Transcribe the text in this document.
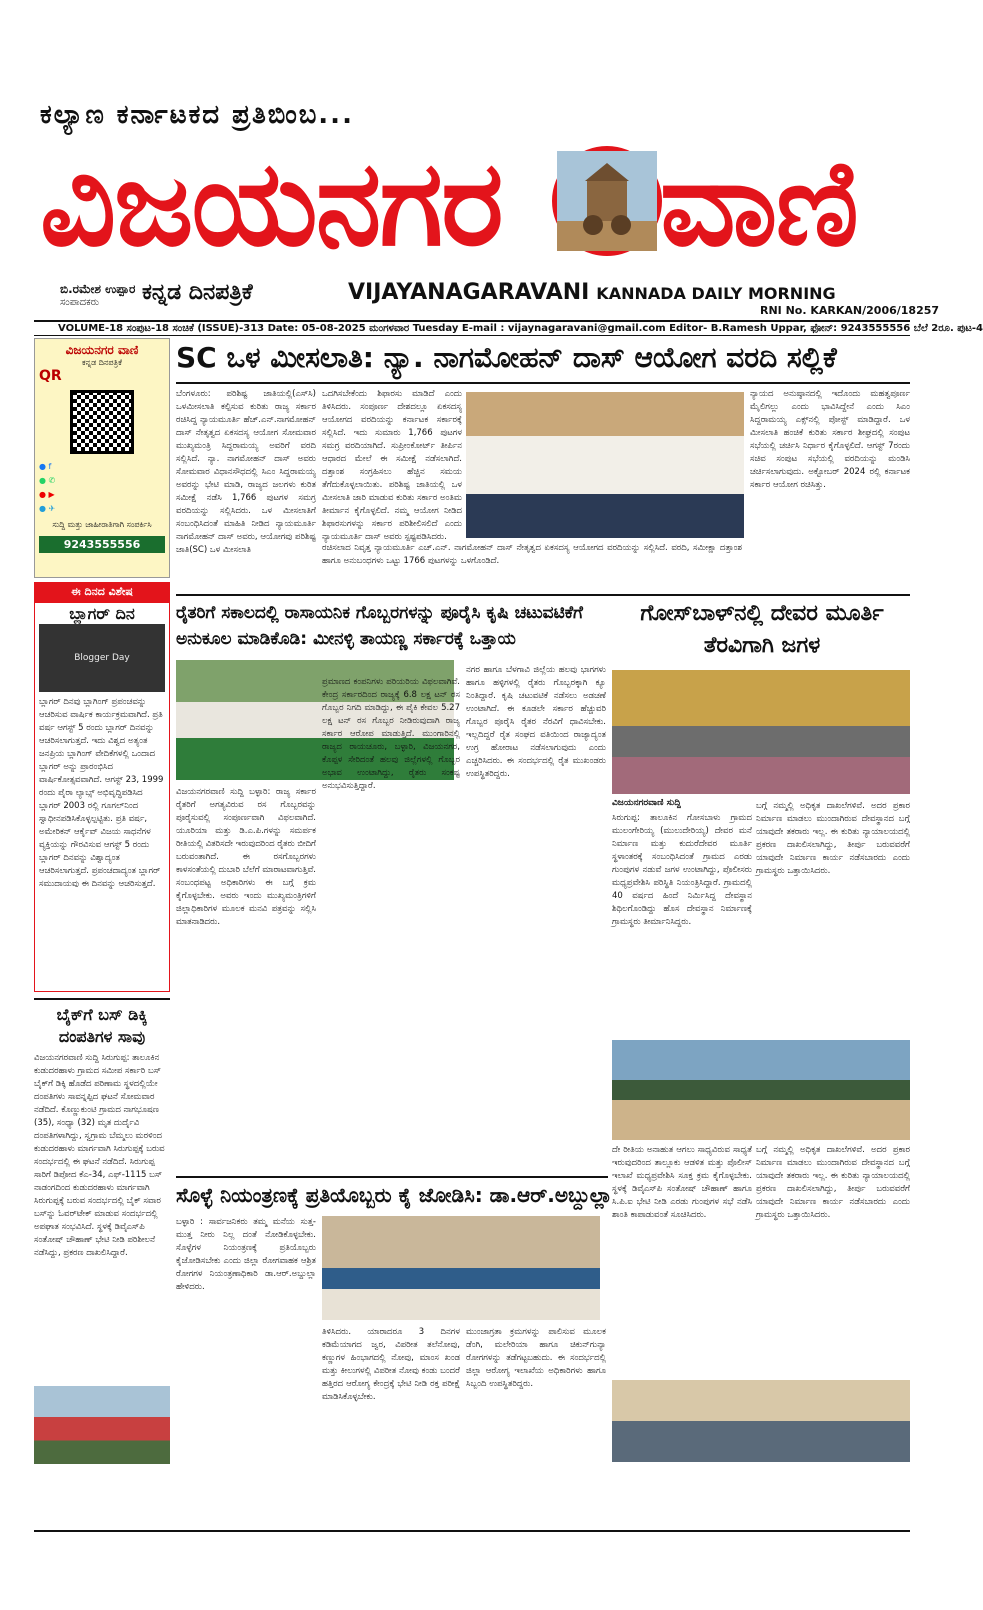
ಕಲ್ಯಾಣ ಕರ್ನಾಟಕದ ಪ್ರತಿಬಿಂಬ...
ವಿಜಯನಗರ ವಾಣಿ
ಬಿ.ರಮೇಶ ಉಪ್ಪಾರ
ಸಂಪಾದಕರು	ಕನ್ನಡ ದಿನಪತ್ರಿಕೆ	VIJAYANAGARAVANI KANNADA DAILY MORNING
RNI No. KARKAN/2006/18257
VOLUME-18 ಸಂಪುಟ-18 ಸಂಚಿಕೆ (ISSUE)-313 Date: 05-08-2025 ಮಂಗಳವಾರ Tuesday E-mail : vijaynagaravani@gmail.com Editor- B.Ramesh Uppar, ಫೋನ್: 9243555556 ಬೆಲೆ 2ರೂ. ಪುಟ-4
ವಿಜಯನಗರ ವಾಣಿ
ಕನ್ನಡ ದಿನಪತ್ರಿಕೆ
QR
● f
● ✆
● ▶
● ✈
ಸುದ್ದಿ ಮತ್ತು ಜಾಹೀರಾತಿಗಾಗಿ ಸಂಪರ್ಕಿಸಿ
9243555556
ಈ ದಿನದ ವಿಶೇಷ
ಬ್ಲಾಗರ್ ದಿನ
Blogger Day
ಬ್ಲಾಗರ್ ದಿನವು ಬ್ಲಾಗಿಂಗ್ ಪ್ರಪಂಚವನ್ನು ಆಚರಿಸುವ ವಾರ್ಷಿಕ ಕಾರ್ಯಕ್ರಮವಾಗಿದೆ. ಪ್ರತಿ ವರ್ಷ ಆಗಸ್ಟ್ 5 ರಂದು ಬ್ಲಾಗರ್ ದಿನವನ್ನು ಆಚರಿಸಲಾಗುತ್ತದೆ. ಇದು ವಿಶ್ವದ ಅತ್ಯಂತ ಜನಪ್ರಿಯ ಬ್ಲಾಗಿಂಗ್ ವೇದಿಕೆಗಳಲ್ಲಿ ಒಂದಾದ ಬ್ಲಾಗರ್ ಅನ್ನು ಪ್ರಾರಂಭಿಸಿದ ವಾರ್ಷಿಕೋತ್ಸವವಾಗಿದೆ. ಆಗಸ್ಟ್ 23, 1999 ರಂದು ಪೈರಾ ಲ್ಯಾಬ್ಸ್ ಅಭಿವೃದ್ಧಿಪಡಿಸಿದ ಬ್ಲಾಗರ್ 2003 ರಲ್ಲಿ ಗೂಗಲ್‌ನಿಂದ ಸ್ವಾಧೀನಪಡಿಸಿಕೊಳ್ಳಲ್ಪಟ್ಟಿತು. ಪ್ರತಿ ವರ್ಷ, ಅಮೇರಿಕನ್ ಆರ್ಕೈವ್ ವಿಜಯ ಸಾಧನೆಗಳ ವ್ಯಕ್ತಿಯನ್ನು ಗೌರವಿಸುವ ಆಗಸ್ಟ್ 5 ರಂದು ಬ್ಲಾಗರ್ ದಿನವನ್ನು ವಿಶ್ವಾದ್ಯಂತ ಆಚರಿಸಲಾಗುತ್ತದೆ. ಪ್ರಪಂಚದಾದ್ಯಂತ ಬ್ಲಾಗರ್ ಸಮುದಾಯವು ಈ ದಿನವನ್ನು ಆಚರಿಸುತ್ತದೆ.
ಬೈಕ್‌ಗೆ ಬಸ್ ಡಿಕ್ಕಿ ದಂಪತಿಗಳ ಸಾವು
ವಿಜಯನಗರವಾಣಿ ಸುದ್ದಿ ಸಿರುಗುಪ್ಪ: ತಾಲೂಕಿನ ಕುಡುದರಹಾಳು ಗ್ರಾಮದ ಸಮೀಪ ಸರ್ಕಾರಿ ಬಸ್ ಬೈಕ್‌ಗೆ ಡಿಕ್ಕಿ ಹೊಡೆದ ಪರಿಣಾಮ ಸ್ಥಳದಲ್ಲಿಯೇ ದಂಪತಿಗಳು ಸಾವನ್ನಪ್ಪಿದ ಘಟನೆ ಸೋಮವಾರ ನಡೆದಿದೆ. ಕೊಣ್ಣುಕುಂಟಿ ಗ್ರಾಮದ ನಾಗಭೂಷಣ (35), ಸಂಧ್ಯಾ (32) ಮೃತ ದುರ್ದೈವಿ ದಂಪತಿಗಳಾಗಿದ್ದು, ಸ್ವಗ್ರಾಮ ಬೆಮ್ಮಲು ಮರಳಿಂದ ಕುಡುದರಹಾಳು ಮಾರ್ಗವಾಗಿ ಸಿರುಗುಪ್ಪಕ್ಕೆ ಬರುವ ಸಂದರ್ಭದಲ್ಲಿ ಈ ಘಟನೆ ನಡೆದಿದೆ. ಸಿರುಗುಪ್ಪ ಸಾರಿಗೆ ಡಿಪೋದ ಕೆಎ-34, ಎಫ್-1115 ಬಸ್ ನಾಡಂಗದಿಂದ ಕುಡುದರಹಾಳು ಮಾರ್ಗವಾಗಿ ಸಿರುಗುಪ್ಪಕ್ಕೆ ಬರುವ ಸಂದರ್ಭದಲ್ಲಿ ಬೈಕ್ ಸವಾರ ಬಸ್‌ನ್ನು ಓವರ್‌ಟೇಕ್ ಮಾಡುವ ಸಂದರ್ಭದಲ್ಲಿ ಅಪಘಾತ ಸಂಭವಿಸಿದೆ. ಸ್ಥಳಕ್ಕೆ ಡಿವೈಎಸ್‌ಪಿ ಸಂತೋಷ್ ಚೌಹಾಣ್ ಭೇಟಿ ನೀಡಿ ಪರಿಶೀಲನೆ ನಡೆಸಿದ್ದು, ಪ್ರಕರಣ ದಾಖಲಿಸಿದ್ದಾರೆ.
SC ಒಳ ಮೀಸಲಾತಿ: ನ್ಯಾ. ನಾಗಮೋಹನ್ ದಾಸ್ ಆಯೋಗ ವರದಿ ಸಲ್ಲಿಕೆ
ಬೆಂಗಳೂರು: ಪರಿಶಿಷ್ಟ ಜಾತಿಯಲ್ಲಿ(ಎಸ್‌ಸಿ) ಒಳಮೀಸಲಾತಿ ಕಲ್ಪಿಸುವ ಕುರಿತು ರಾಜ್ಯ ಸರ್ಕಾರ ರಚಿಸಿದ್ದ ನ್ಯಾಯಮೂರ್ತಿ ಹೆಚ್.ಎನ್.ನಾಗಮೋಹನ್ ದಾಸ್ ನೇತೃತ್ವದ ಏಕಸದಸ್ಯ ಆಯೋಗ ಸೋಮವಾರ ಮುಖ್ಯಮಂತ್ರಿ ಸಿದ್ದರಾಮಯ್ಯ ಅವರಿಗೆ ವರದಿ ಸಲ್ಲಿಸಿದೆ. ನ್ಯಾ. ನಾಗಮೋಹನ್ ದಾಸ್ ಅವರು ಸೋಮವಾರ ವಿಧಾನಸೌಧದಲ್ಲಿ ಸಿಎಂ ಸಿದ್ದರಾಮಯ್ಯ ಅವರನ್ನು ಭೇಟಿ ಮಾಡಿ, ರಾಜ್ಯದ ಜಲಗಳು ಕುರಿತ ಸಮೀಕ್ಷೆ ನಡೆಸಿ 1,766 ಪುಟಗಳ ಸಮಗ್ರ ವರದಿಯನ್ನು ಸಲ್ಲಿಸಿದರು. ಒಳ ಮೀಸಲಾತಿಗೆ ಸಂಬಂಧಿಸಿದಂತೆ ಮಾಹಿತಿ ನೀಡಿದ ನ್ಯಾಯಮೂರ್ತಿ ನಾಗಮೋಹನ್ ದಾಸ್ ಅವರು, ಆಯೋಗವು ಪರಿಶಿಷ್ಟ ಜಾತಿ(SC) ಒಳ ಮೀಸಲಾತಿ
ಒದಗಿಸಬೇಕೆಂದು ಶಿಫಾರಸು ಮಾಡಿದೆ ಎಂದು ತಿಳಿಸಿದರು. ಸಂಪೂರ್ಣ ದೇಶದಲ್ಲೂ ಏಕಸದಸ್ಯ ಆಯೋಗದ ವರದಿಯನ್ನು ಕರ್ನಾಟಕ ಸರ್ಕಾರಕ್ಕೆ ಸಲ್ಲಿಸಿದೆ. ಇದು ಸುಮಾರು 1,766 ಪುಟಗಳ ಸಮಗ್ರ ವರದಿಯಾಗಿದೆ. ಸುಪ್ರೀಂಕೋರ್ಟ್ ತೀರ್ಪಿನ ಆಧಾರದ ಮೇಲೆ ಈ ಸಮೀಕ್ಷೆ ನಡೆಸಲಾಗಿದೆ. ದತ್ತಾಂಶ ಸಂಗ್ರಹಿಸಲು ಹೆಚ್ಚಿನ ಸಮಯ ತೆಗೆದುಕೊಳ್ಳಲಾಯಿತು. ಪರಿಶಿಷ್ಟ ಜಾತಿಯಲ್ಲಿ ಒಳ ಮೀಸಲಾತಿ ಜಾರಿ ಮಾಡುವ ಕುರಿತು ಸರ್ಕಾರ ಅಂತಿಮ ತೀರ್ಮಾನ ಕೈಗೊಳ್ಳಲಿದೆ. ನಮ್ಮ ಆಯೋಗ ನೀಡಿದ ಶಿಫಾರಸುಗಳನ್ನು ಸರ್ಕಾರ ಪರಿಶೀಲಿಸಲಿದೆ ಎಂದು ನ್ಯಾಯಮೂರ್ತಿ ದಾಸ್ ಅವರು ಸ್ಪಷ್ಟಪಡಿಸಿದರು.
ರಚಿಸಲಾದ ನಿವೃತ್ತ ನ್ಯಾಯಮೂರ್ತಿ ಎಚ್.ಎನ್. ನಾಗಮೋಹನ್ ದಾಸ್ ನೇತೃತ್ವದ ಏಕಸದಸ್ಯ ಆಯೋಗದ ವರದಿಯನ್ನು ಸಲ್ಲಿಸಿದೆ. ವರದಿ, ಸಮೀಕ್ಷಾ ದತ್ತಾಂಶ ಹಾಗೂ ಅನುಬಂಧಗಳು ಒಟ್ಟು 1766 ಪುಟಗಳನ್ನು ಒಳಗೊಂಡಿದೆ.
ನ್ಯಾಯದ ಅನುಷ್ಠಾನದಲ್ಲಿ ಇದೊಂದು ಮಹತ್ವಪೂರ್ಣ ಮೈಲಿಗಲ್ಲು ಎಂದು ಭಾವಿಸಿದ್ದೇನೆ ಎಂದು ಸಿಎಂ ಸಿದ್ದರಾಮಯ್ಯ ಎಕ್ಸ್‌ನಲ್ಲಿ ಪೋಸ್ಟ್ ಮಾಡಿದ್ದಾರೆ. ಒಳ ಮೀಸಲಾತಿ ಹಂಚಿಕೆ ಕುರಿತು ಸರ್ಕಾರ ಶೀಘ್ರದಲ್ಲಿ ಸಂಪುಟ ಸಭೆಯಲ್ಲಿ ಚರ್ಚಿಸಿ ನಿರ್ಧಾರ ಕೈಗೊಳ್ಳಲಿದೆ. ಆಗಸ್ಟ್ 7ರಂದು ಸಚಿವ ಸಂಪುಟ ಸಭೆಯಲ್ಲಿ ವರದಿಯನ್ನು ಮಂಡಿಸಿ ಚರ್ಚಿಸಲಾಗುವುದು. ಅಕ್ಟೋಬರ್ 2024 ರಲ್ಲಿ ಕರ್ನಾಟಕ ಸರ್ಕಾರ ಆಯೋಗ ರಚಿಸಿತ್ತು.
ರೈತರಿಗೆ ಸಕಾಲದಲ್ಲಿ ರಾಸಾಯನಿಕ ಗೊಬ್ಬರಗಳನ್ನು ಪೂರೈಸಿ ಕೃಷಿ ಚಟುವಟಿಕೆಗೆ ಅನುಕೂಲ ಮಾಡಿಕೊಡಿ: ಮೀನಳ್ಳಿ ತಾಯಣ್ಣ ಸರ್ಕಾರಕ್ಕೆ ಒತ್ತಾಯ
ವಿಜಯನಗರವಾಣಿ ಸುದ್ದಿ ಬಳ್ಳಾರಿ: ರಾಜ್ಯ ಸರ್ಕಾರ ರೈತರಿಗೆ ಅಗತ್ಯವಿರುವ ರಸ ಗೊಬ್ಬರವನ್ನು ಪೂರೈಸುವಲ್ಲಿ ಸಂಪೂರ್ಣವಾಗಿ ವಿಫಲವಾಗಿದೆ. ಯೂರಿಯಾ ಮತ್ತು ಡಿ.ಎ.ಪಿ.ಗಳನ್ನು ಸಮರ್ಪಕ ರೀತಿಯಲ್ಲಿ ವಿತರಿಸದೇ ಇರುವುದರಿಂದ ರೈತರು ಬೀದಿಗೆ ಬರುವಂತಾಗಿದೆ. ಈ ರಸಗೊಬ್ಬರಗಳು ಕಾಳಸಂತೆಯಲ್ಲಿ ದುಬಾರಿ ಬೆಲೆಗೆ ಮಾರಾಟವಾಗುತ್ತಿವೆ. ಸಂಬಂಧಪಟ್ಟ ಅಧಿಕಾರಿಗಳು ಈ ಬಗ್ಗೆ ಕ್ರಮ ಕೈಗೊಳ್ಳಬೇಕು. ಅವರು ಇಂದು ಮುಖ್ಯಮಂತ್ರಿಗಳಿಗೆ ಜಿಲ್ಲಾಧಿಕಾರಿಗಳ ಮೂಲಕ ಮನವಿ ಪತ್ರವನ್ನು ಸಲ್ಲಿಸಿ ಮಾತನಾಡಿದರು.
ಪ್ರಮಾಣದ ಕಂಪನಿಗಳು ಪರಿಯರಿಯ ವಿಫಲವಾಗಿವೆ. ಕೇಂದ್ರ ಸರ್ಕಾರದಿಂದ ರಾಜ್ಯಕ್ಕೆ 6.8 ಲಕ್ಷ ಟನ್ ರಸ ಗೊಬ್ಬರ ನಿಗದಿ ಮಾಡಿದ್ದು, ಈ ಪೈಕಿ ಕೇವಲ 5.27 ಲಕ್ಷ ಟನ್ ರಸ ಗೊಬ್ಬರ ನೀಡಿರುವುದಾಗಿ ರಾಜ್ಯ ಸರ್ಕಾರ ಆರೋಪ ಮಾಡುತ್ತಿದೆ. ಮುಂಗಾರಿನಲ್ಲಿ ರಾಜ್ಯದ ರಾಯಚೂರು, ಬಳ್ಳಾರಿ, ವಿಜಯನಗರ, ಕೊಪ್ಪಳ ಸೇರಿದಂತೆ ಹಲವು ಜಿಲ್ಲೆಗಳಲ್ಲಿ ಗೊಬ್ಬರ ಅಭಾವ ಉಂಟಾಗಿದ್ದು, ರೈತರು ಸಂಕಷ್ಟ ಅನುಭವಿಸುತ್ತಿದ್ದಾರೆ.
ನಗರ ಹಾಗೂ ಬೆಳಗಾವಿ ಜಿಲ್ಲೆಯ ಹಲವು ಭಾಗಗಳು ಹಾಗೂ ಹಳ್ಳಿಗಳಲ್ಲಿ ರೈತರು ಗೊಬ್ಬರಕ್ಕಾಗಿ ಕ್ಯೂ ನಿಂತಿದ್ದಾರೆ. ಕೃಷಿ ಚಟುವಟಿಕೆ ನಡೆಸಲು ಅಡಚಣೆ ಉಂಟಾಗಿದೆ. ಈ ಕೂಡಲೇ ಸರ್ಕಾರ ಹೆಚ್ಚುವರಿ ಗೊಬ್ಬರ ಪೂರೈಸಿ ರೈತರ ನೆರವಿಗೆ ಧಾವಿಸಬೇಕು. ಇಲ್ಲದಿದ್ದರೆ ರೈತ ಸಂಘದ ವತಿಯಿಂದ ರಾಜ್ಯಾದ್ಯಂತ ಉಗ್ರ ಹೋರಾಟ ನಡೆಸಲಾಗುವುದು ಎಂದು ಎಚ್ಚರಿಸಿದರು. ಈ ಸಂದರ್ಭದಲ್ಲಿ ರೈತ ಮುಖಂಡರು ಉಪಸ್ಥಿತರಿದ್ದರು.
ಗೋಸ್‌ಬಾಳ್‌ನಲ್ಲಿ ದೇವರ ಮೂರ್ತಿ ತೆರವಿಗಾಗಿ ಜಗಳ
ವಿಜಯನಗರವಾಣಿ ಸುದ್ದಿ
ಸಿರುಗುಪ್ಪ: ತಾಲೂಕಿನ ಗೋಸಬಾಳು ಗ್ರಾಮದ ಮುಲಂಗೇರಿಯ್ಯ (ಮುಲುದೇರಿಯ್ಯ) ದೇವರ ಮನೆ ನಿರ್ಮಾಣ ಮತ್ತು ಕುದುರೆದೇವರ ಮೂರ್ತಿ ಸ್ಥಳಾಂತರಕ್ಕೆ ಸಂಬಂಧಿಸಿದಂತೆ ಗ್ರಾಮದ ಎರಡು ಗುಂಪುಗಳ ನಡುವೆ ಜಗಳ ಉಂಟಾಗಿದ್ದು, ಪೊಲೀಸರು ಮಧ್ಯಪ್ರವೇಶಿಸಿ ಪರಿಸ್ಥಿತಿ ನಿಯಂತ್ರಿಸಿದ್ದಾರೆ. ಗ್ರಾಮದಲ್ಲಿ 40 ವರ್ಷದ ಹಿಂದೆ ನಿರ್ಮಿಸಿದ್ದ ದೇವಸ್ಥಾನ ಶಿಥಿಲಗೊಂಡಿದ್ದು ಹೊಸ ದೇವಸ್ಥಾನ ನಿರ್ಮಾಣಕ್ಕೆ ಗ್ರಾಮಸ್ಥರು ತೀರ್ಮಾನಿಸಿದ್ದರು.
ಬಗ್ಗೆ ನಮ್ಮಲ್ಲಿ ಅಧಿಕೃತ ದಾಖಲೆಗಳಿವೆ. ಅದರ ಪ್ರಕಾರ ನಿರ್ಮಾಣ ಮಾಡಲು ಮುಂದಾಗಿರುವ ದೇವಸ್ಥಾನದ ಬಗ್ಗೆ ಯಾವುದೇ ತಕರಾರು ಇಲ್ಲ. ಈ ಕುರಿತು ನ್ಯಾಯಾಲಯದಲ್ಲಿ ಪ್ರಕರಣ ದಾಖಲಿಸಲಾಗಿದ್ದು, ತೀರ್ಪು ಬರುವವರೆಗೆ ಯಾವುದೇ ನಿರ್ಮಾಣ ಕಾರ್ಯ ನಡೆಸಬಾರದು ಎಂದು ಗ್ರಾಮಸ್ಥರು ಒತ್ತಾಯಿಸಿದರು.
ದೇ ರೀತಿಯ ಅನಾಹುತ ಆಗಲು ಸಾಧ್ಯವಿರುವ ಸಾಧ್ಯತೆ ಇರುವುದರಿಂದ ತಾಲ್ಲೂಕು ಆಡಳಿತ ಮತ್ತು ಪೊಲೀಸ್ ಇಲಾಖೆ ಮಧ್ಯಪ್ರವೇಶಿಸಿ ಸೂಕ್ತ ಕ್ರಮ ಕೈಗೊಳ್ಳಬೇಕು. ಸ್ಥಳಕ್ಕೆ ಡಿವೈಎಸ್‌ಪಿ ಸಂತೋಷ್ ಚೌಹಾಣ್ ಹಾಗೂ ಸಿ.ಪಿ.ಐ ಭೇಟಿ ನೀಡಿ ಎರಡು ಗುಂಪುಗಳ ಸಭೆ ನಡೆಸಿ ಶಾಂತಿ ಕಾಪಾಡುವಂತೆ ಸೂಚಿಸಿದರು.
ಬಗ್ಗೆ ನಮ್ಮಲ್ಲಿ ಅಧಿಕೃತ ದಾಖಲೆಗಳಿವೆ. ಅದರ ಪ್ರಕಾರ ನಿರ್ಮಾಣ ಮಾಡಲು ಮುಂದಾಗಿರುವ ದೇವಸ್ಥಾನದ ಬಗ್ಗೆ ಯಾವುದೇ ತಕರಾರು ಇಲ್ಲ. ಈ ಕುರಿತು ನ್ಯಾಯಾಲಯದಲ್ಲಿ ಪ್ರಕರಣ ದಾಖಲಿಸಲಾಗಿದ್ದು, ತೀರ್ಪು ಬರುವವರೆಗೆ ಯಾವುದೇ ನಿರ್ಮಾಣ ಕಾರ್ಯ ನಡೆಸಬಾರದು ಎಂದು ಗ್ರಾಮಸ್ಥರು ಒತ್ತಾಯಿಸಿದರು.
ಸೊಳ್ಳೆ ನಿಯಂತ್ರಣಕ್ಕೆ ಪ್ರತಿಯೊಬ್ಬರು ಕೈ ಜೋಡಿಸಿ: ಡಾ.ಆರ್.ಅಬ್ದುಲ್ಲಾ
ಬಳ್ಳಾರಿ : ಸಾರ್ವಜನಿಕರು ತಮ್ಮ ಮನೆಯ ಸುತ್ತ-ಮುತ್ತ ನೀರು ನಿಲ್ಲ ದಂತೆ ನೋಡಿಕೊಳ್ಳಬೇಕು. ಸೊಳ್ಳೆಗಳ ನಿಯಂತ್ರಣಕ್ಕೆ ಪ್ರತಿಯೊಬ್ಬರು ಕೈಜೋಡಿಸಬೇಕು ಎಂದು ಜಿಲ್ಲಾ ರೋಗವಾಹಕ ಆಶ್ರಿತ ರೋಗಗಳ ನಿಯಂತ್ರಣಾಧಿಕಾರಿ ಡಾ.ಆರ್.ಅಬ್ದುಲ್ಲಾ ಹೇಳಿದರು.
ತಿಳಿಸಿದರು. ಯಾರಾದರೂ 3 ದಿನಗಳ ಕಡಿಮೆಯಾಗದ ಜ್ವರ, ವಿಪರೀತ ತಲೆನೋವು, ಕಣ್ಣುಗಳ ಹಿಂಭಾಗದಲ್ಲಿ ನೋವು, ಮಾಂಸ ಖಂಡ ಮತ್ತು ಕೀಲುಗಳಲ್ಲಿ ವಿಪರೀತ ನೋವು ಕಂಡು ಬಂದರೆ ಹತ್ತಿರದ ಆರೋಗ್ಯ ಕೇಂದ್ರಕ್ಕೆ ಭೇಟಿ ನೀಡಿ ರಕ್ತ ಪರೀಕ್ಷೆ ಮಾಡಿಸಿಕೊಳ್ಳಬೇಕು.
ಮುಂಜಾಗ್ರತಾ ಕ್ರಮಗಳನ್ನು ಪಾಲಿಸುವ ಮೂಲಕ ಡೆಂಗಿ, ಮಲೇರಿಯಾ ಹಾಗೂ ಚಿಕುನ್‌ಗುನ್ಯಾ ರೋಗಗಳನ್ನು ತಡೆಗಟ್ಟಬಹುದು. ಈ ಸಂದರ್ಭದಲ್ಲಿ ಜಿಲ್ಲಾ ಆರೋಗ್ಯ ಇಲಾಖೆಯ ಅಧಿಕಾರಿಗಳು ಹಾಗೂ ಸಿಬ್ಬಂದಿ ಉಪಸ್ಥಿತರಿದ್ದರು.
